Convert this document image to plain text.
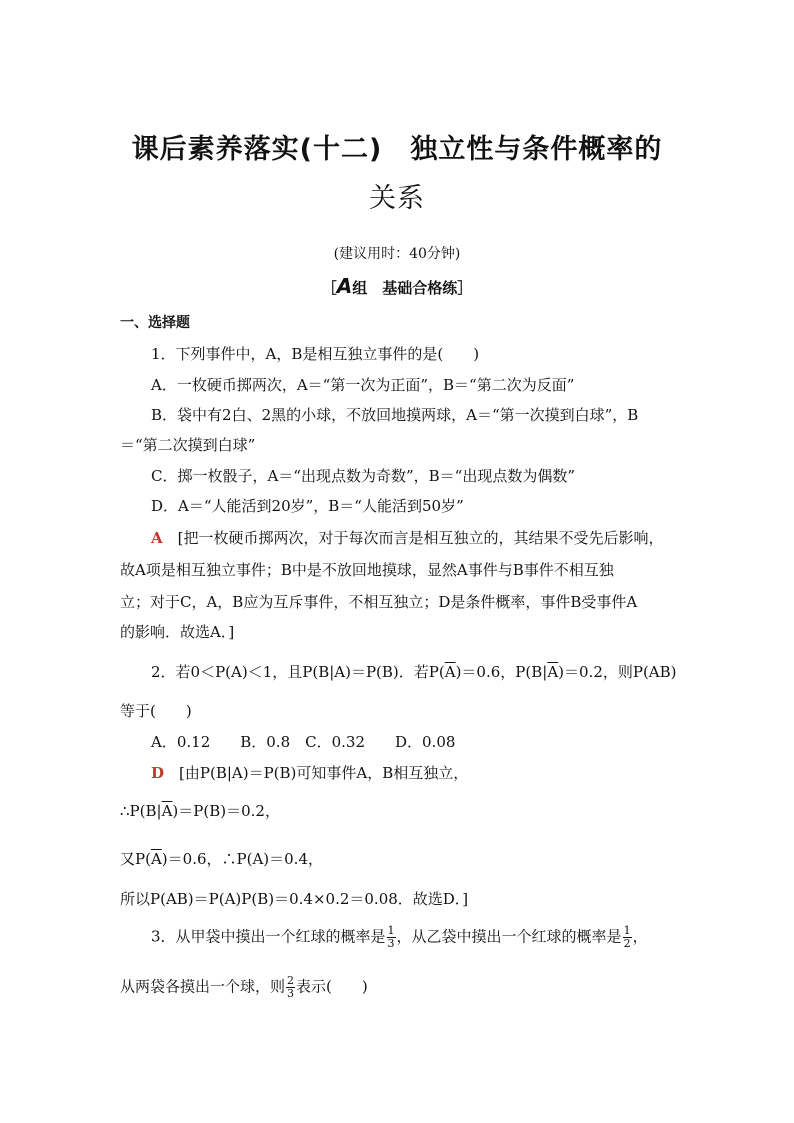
课后素养落实(十二)　独立性与条件概率的
关系
(建议用时：40分钟)
［A组　基础合格练］
一、选择题
1．下列事件中，A，B是相互独立事件的是(　　)
A．一枚硬币掷两次，A＝“第一次为正面”，B＝“第二次为反面”
B．袋中有2白、2黑的小球，不放回地摸两球，A＝“第一次摸到白球”，B
＝“第二次摸到白球”
C．掷一枚骰子，A＝“出现点数为奇数”，B＝“出现点数为偶数”
D．A＝“人能活到20岁”，B＝“人能活到50岁”
A　 [把一枚硬币掷两次，对于每次而言是相互独立的，其结果不受先后影响，
故A项是相互独立事件；B中是不放回地摸球，显然A事件与B事件不相互独
立；对于C，A，B应为互斥事件，不相互独立；D是条件概率，事件B受事件A
的影响．故选A．]
2．若0＜P(A)＜1，且P(B|A)＝P(B)．若$P(\overline{A})=0.6$，$P(B|\overline{A})=0.2$，则P(AB)
等于(　　)
A．0.12　　B．0.8　C．0.32　　D．0.08
D　 [由P(B|A)＝P(B)可知事件A，B相互独立，
$\therefore P(B|\overline{A})=P(B)=0.2$，
又$P(\overline{A})=0.6$，∴P(A)＝0.4，
所以P(AB)＝P(A)P(B)＝0.4×0.2＝0.08．故选D．]
3．从甲袋中摸出一个红球的概率是 $\frac{1}{3}$ ，从乙袋中摸出一个红球的概率是 $\frac{1}{2}$ ，
从两袋各摸出一个球，则 $\frac{2}{3}$ 表示(　　)
